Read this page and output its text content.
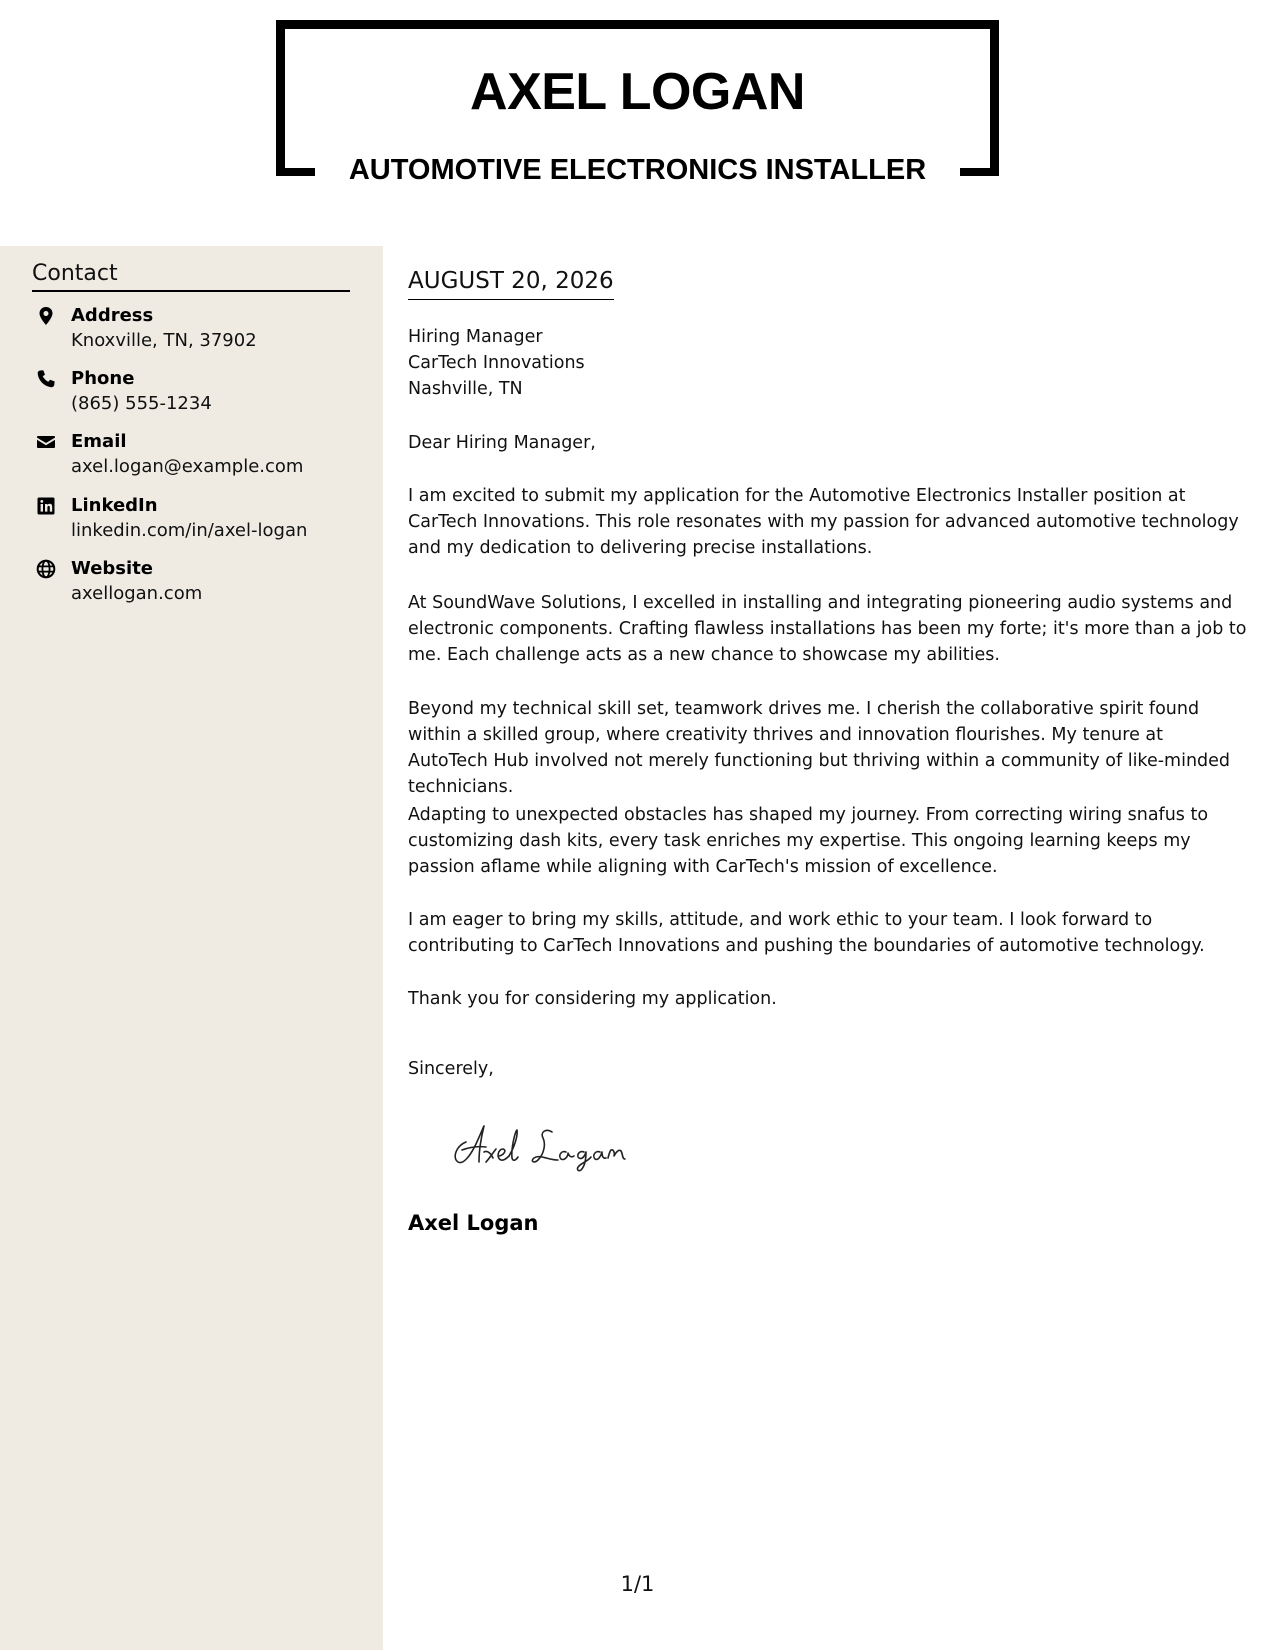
AXEL LOGAN
AUTOMOTIVE ELECTRONICS INSTALLER
Contact
Address
Knoxville, TN, 37902
Phone
(865) 555-1234
Email
axel.logan@example.com
LinkedIn
linkedin.com/in/axel-logan
Website
axellogan.com
AUGUST 20, 2026
Hiring Manager
CarTech Innovations
Nashville, TN

Dear Hiring Manager,

I am excited to submit my application for the Automotive Electronics Installer position at CarTech Innovations. This role resonates with my passion for advanced automotive technology and my dedication to delivering precise installations.

At SoundWave Solutions, I excelled in installing and integrating pioneering audio systems and electronic components. Crafting flawless installations has been my forte; it's more than a job to me. Each challenge acts as a new chance to showcase my abilities.

Beyond my technical skill set, teamwork drives me. I cherish the collaborative spirit found within a skilled group, where creativity thrives and innovation flourishes. My tenure at AutoTech Hub involved not merely functioning but thriving within a community of like-minded technicians.

Adapting to unexpected obstacles has shaped my journey. From correcting wiring snafus to customizing dash kits, every task enriches my expertise. This ongoing learning keeps my passion aflame while aligning with CarTech's mission of excellence.

I am eager to bring my skills, attitude, and work ethic to your team. I look forward to contributing to CarTech Innovations and pushing the boundaries of automotive technology.

Thank you for considering my application.

Sincerely,

Axel Logan
1/1
